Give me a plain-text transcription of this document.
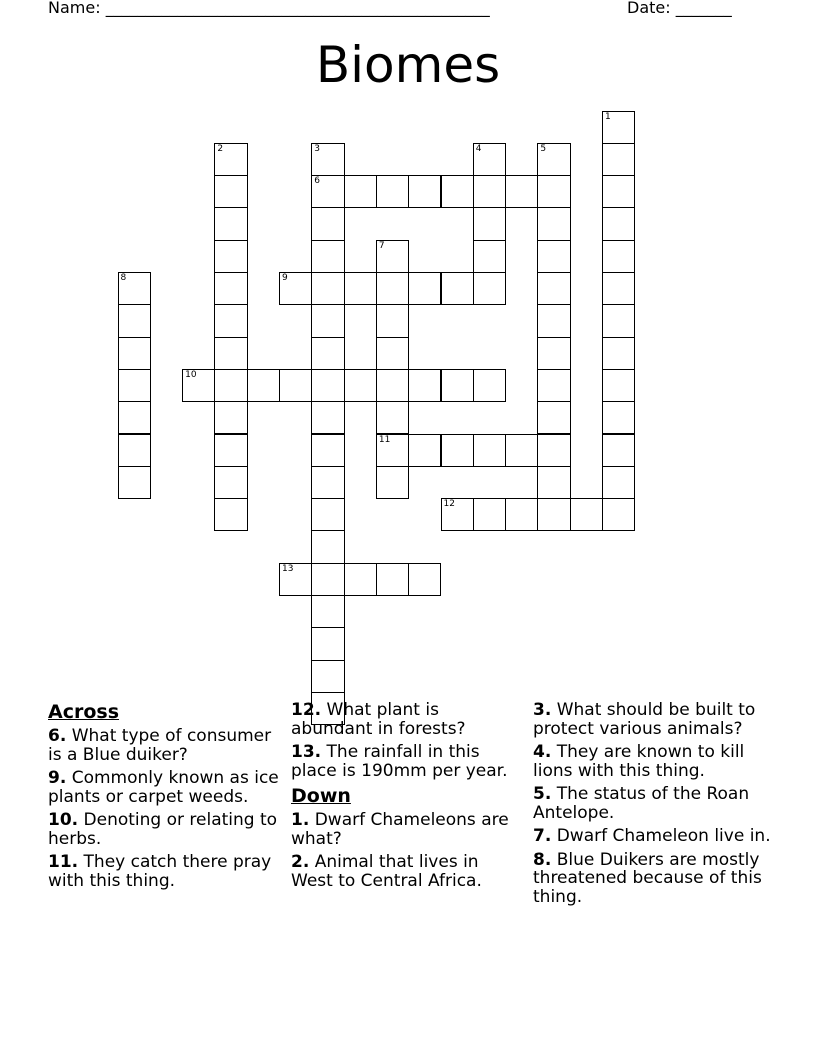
Name: ________________________________________________	Date: _______
Biomes
1
2	3
6
4	5
7
11
8	9
10
12
13
Across
6. What type of consumer is a Blue duiker?
9. Commonly known as ice plants or carpet weeds.
10. Denoting or relating to herbs.
11. They catch there pray with this thing.
12. What plant is abundant in forests?
13. The rainfall in this place is 190mm per year.
Down
1. Dwarf Chameleons are what?
2. Animal that lives in West to Central Africa.
3. What should be built to protect various animals?
4. They are known to kill lions with this thing.
5. The status of the Roan Antelope.
7. Dwarf Chameleon live in.
8. Blue Duikers are mostly threatened because of this thing.
